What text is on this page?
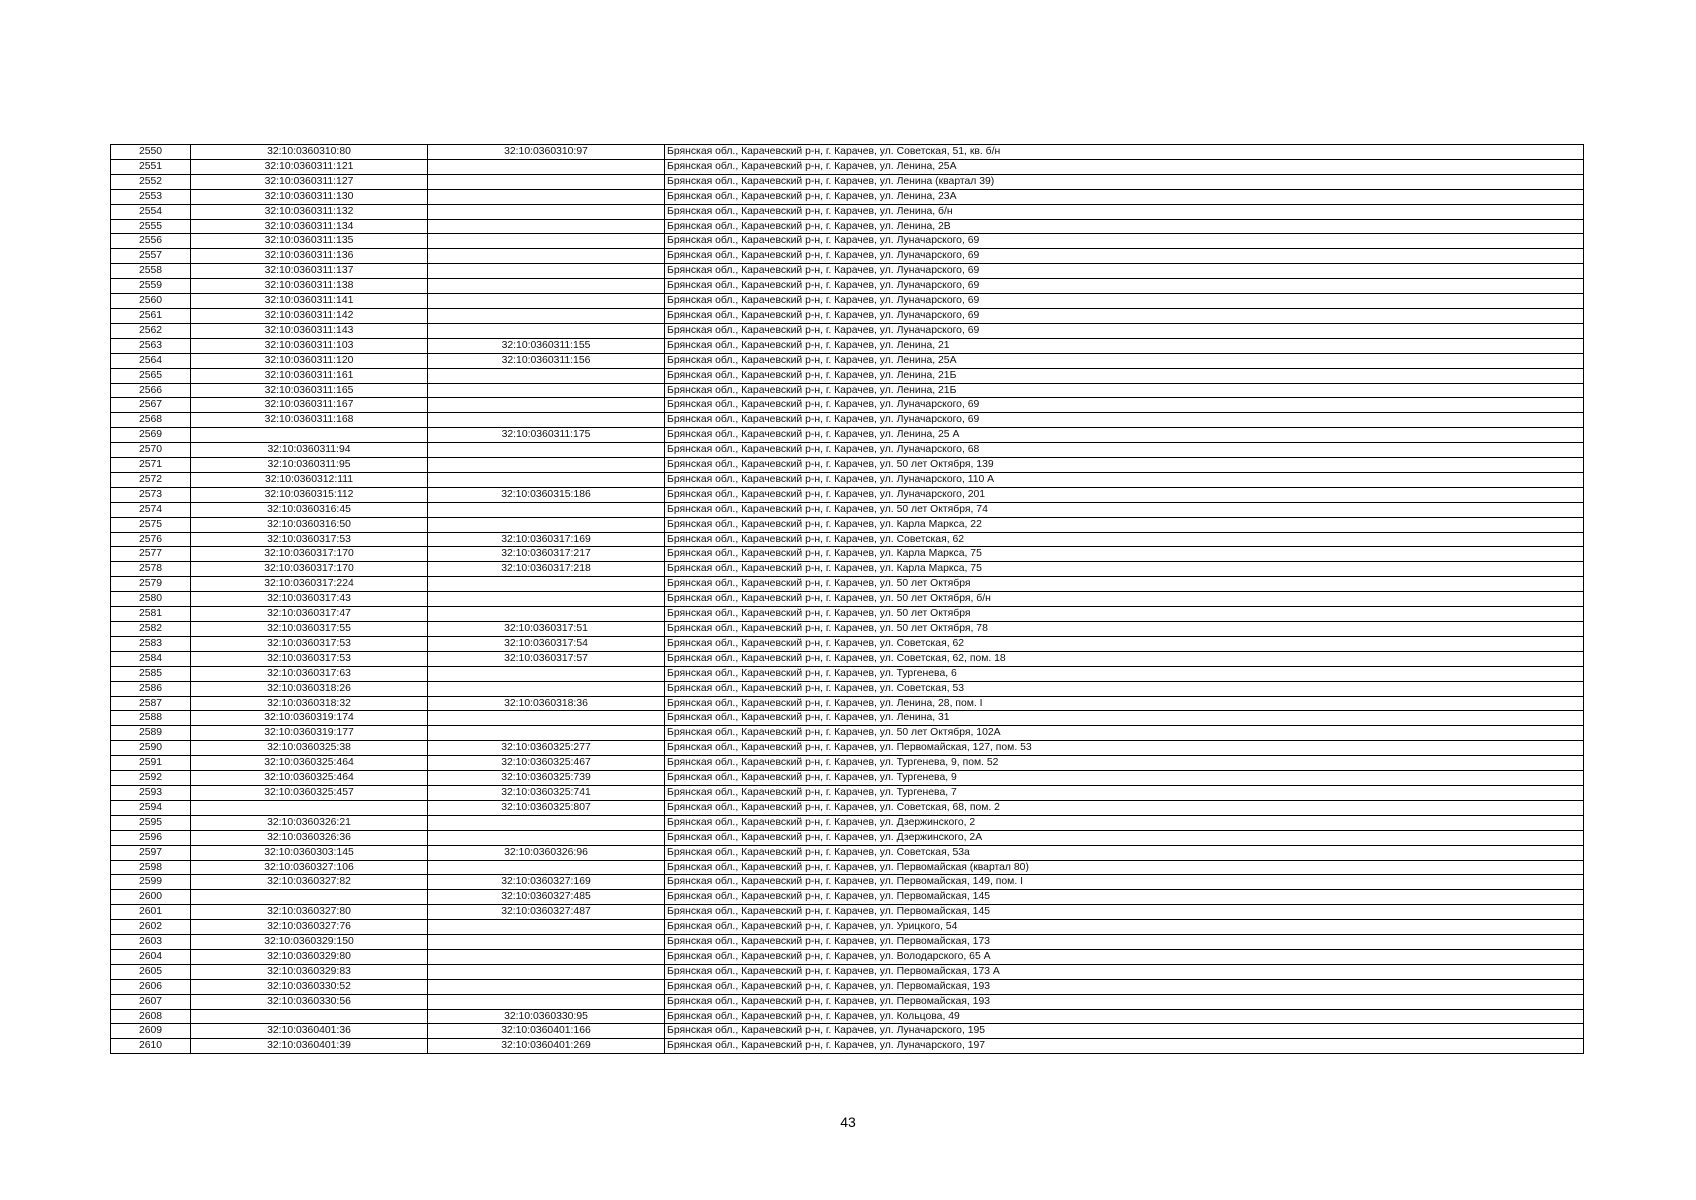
2550	32:10:0360310:80	32:10:0360310:97	Брянская обл., Карачевский р-н, г. Карачев, ул. Советская, 51, кв. б/н
2551	32:10:0360311:121		Брянская обл., Карачевский р-н, г. Карачев, ул. Ленина, 25А
2552	32:10:0360311:127		Брянская обл., Карачевский р-н, г. Карачев, ул. Ленина (квартал 39)
2553	32:10:0360311:130		Брянская обл., Карачевский р-н, г. Карачев, ул. Ленина, 23А
2554	32:10:0360311:132		Брянская обл., Карачевский р-н, г. Карачев, ул. Ленина, б/н
2555	32:10:0360311:134		Брянская обл., Карачевский р-н, г. Карачев, ул. Ленина, 2В
2556	32:10:0360311:135		Брянская обл., Карачевский р-н, г. Карачев, ул. Луначарского, 69
2557	32:10:0360311:136		Брянская обл., Карачевский р-н, г. Карачев, ул. Луначарского, 69
2558	32:10:0360311:137		Брянская обл., Карачевский р-н, г. Карачев, ул. Луначарского, 69
2559	32:10:0360311:138		Брянская обл., Карачевский р-н, г. Карачев, ул. Луначарского, 69
2560	32:10:0360311:141		Брянская обл., Карачевский р-н, г. Карачев, ул. Луначарского, 69
2561	32:10:0360311:142		Брянская обл., Карачевский р-н, г. Карачев, ул. Луначарского, 69
2562	32:10:0360311:143		Брянская обл., Карачевский р-н, г. Карачев, ул. Луначарского, 69
2563	32:10:0360311:103	32:10:0360311:155	Брянская обл., Карачевский р-н, г. Карачев, ул. Ленина, 21
2564	32:10:0360311:120	32:10:0360311:156	Брянская обл., Карачевский р-н, г. Карачев, ул. Ленина, 25А
2565	32:10:0360311:161		Брянская обл., Карачевский р-н, г. Карачев, ул. Ленина, 21Б
2566	32:10:0360311:165		Брянская обл., Карачевский р-н, г. Карачев, ул. Ленина, 21Б
2567	32:10:0360311:167		Брянская обл., Карачевский р-н, г. Карачев, ул. Луначарского, 69
2568	32:10:0360311:168		Брянская обл., Карачевский р-н, г. Карачев, ул. Луначарского, 69
2569		32:10:0360311:175	Брянская обл., Карачевский р-н, г. Карачев, ул. Ленина, 25 А
2570	32:10:0360311:94		Брянская обл., Карачевский р-н, г. Карачев, ул. Луначарского, 68
2571	32:10:0360311:95		Брянская обл., Карачевский р-н, г. Карачев, ул. 50 лет Октября, 139
2572	32:10:0360312:111		Брянская обл., Карачевский р-н, г. Карачев, ул. Луначарского, 110 А
2573	32:10:0360315:112	32:10:0360315:186	Брянская обл., Карачевский р-н, г. Карачев, ул. Луначарского, 201
2574	32:10:0360316:45		Брянская обл., Карачевский р-н, г. Карачев, ул. 50 лет Октября, 74
2575	32:10:0360316:50		Брянская обл., Карачевский р-н, г. Карачев, ул. Карла Маркса, 22
2576	32:10:0360317:53	32:10:0360317:169	Брянская обл., Карачевский р-н, г. Карачев, ул. Советская, 62
2577	32:10:0360317:170	32:10:0360317:217	Брянская обл., Карачевский р-н, г. Карачев, ул. Карла Маркса, 75
2578	32:10:0360317:170	32:10:0360317:218	Брянская обл., Карачевский р-н, г. Карачев, ул. Карла Маркса, 75
2579	32:10:0360317:224		Брянская обл., Карачевский р-н, г. Карачев, ул. 50 лет Октября
2580	32:10:0360317:43		Брянская обл., Карачевский р-н, г. Карачев, ул. 50 лет Октября, б/н
2581	32:10:0360317:47		Брянская обл., Карачевский р-н, г. Карачев, ул. 50 лет Октября
2582	32:10:0360317:55	32:10:0360317:51	Брянская обл., Карачевский р-н, г. Карачев, ул. 50 лет Октября, 78
2583	32:10:0360317:53	32:10:0360317:54	Брянская обл., Карачевский р-н, г. Карачев, ул. Советская, 62
2584	32:10:0360317:53	32:10:0360317:57	Брянская обл., Карачевский р-н, г. Карачев, ул. Советская, 62, пом. 18
2585	32:10:0360317:63		Брянская обл., Карачевский р-н, г. Карачев, ул. Тургенева, 6
2586	32:10:0360318:26		Брянская обл., Карачевский р-н, г. Карачев, ул. Советская, 53
2587	32:10:0360318:32	32:10:0360318:36	Брянская обл., Карачевский р-н, г. Карачев, ул. Ленина, 28, пом. I
2588	32:10:0360319:174		Брянская обл., Карачевский р-н, г. Карачев, ул. Ленина, 31
2589	32:10:0360319:177		Брянская обл., Карачевский р-н, г. Карачев, ул. 50 лет Октября, 102А
2590	32:10:0360325:38	32:10:0360325:277	Брянская обл., Карачевский р-н, г. Карачев, ул. Первомайская, 127, пом. 53
2591	32:10:0360325:464	32:10:0360325:467	Брянская обл., Карачевский р-н, г. Карачев, ул. Тургенева, 9, пом. 52
2592	32:10:0360325:464	32:10:0360325:739	Брянская обл., Карачевский р-н, г. Карачев, ул. Тургенева, 9
2593	32:10:0360325:457	32:10:0360325:741	Брянская обл., Карачевский р-н, г. Карачев, ул. Тургенева, 7
2594		32:10:0360325:807	Брянская обл., Карачевский р-н, г. Карачев, ул. Советская, 68, пом. 2
2595	32:10:0360326:21		Брянская обл., Карачевский р-н, г. Карачев, ул. Дзержинского, 2
2596	32:10:0360326:36		Брянская обл., Карачевский р-н, г. Карачев, ул. Дзержинского, 2А
2597	32:10:0360303:145	32:10:0360326:96	Брянская обл., Карачевский р-н, г. Карачев, ул. Советская, 53а
2598	32:10:0360327:106		Брянская обл., Карачевский р-н, г. Карачев, ул. Первомайская (квартал 80)
2599	32:10:0360327:82	32:10:0360327:169	Брянская обл., Карачевский р-н, г. Карачев, ул. Первомайская, 149, пом. I
2600		32:10:0360327:485	Брянская обл., Карачевский р-н, г. Карачев, ул. Первомайская, 145
2601	32:10:0360327:80	32:10:0360327:487	Брянская обл., Карачевский р-н, г. Карачев, ул. Первомайская, 145
2602	32:10:0360327:76		Брянская обл., Карачевский р-н, г. Карачев, ул. Урицкого, 54
2603	32:10:0360329:150		Брянская обл., Карачевский р-н, г. Карачев, ул. Первомайская, 173
2604	32:10:0360329:80		Брянская обл., Карачевский р-н, г. Карачев, ул. Володарского, 65 А
2605	32:10:0360329:83		Брянская обл., Карачевский р-н, г. Карачев, ул. Первомайская, 173 А
2606	32:10:0360330:52		Брянская обл., Карачевский р-н, г. Карачев, ул. Первомайская, 193
2607	32:10:0360330:56		Брянская обл., Карачевский р-н, г. Карачев, ул. Первомайская, 193
2608		32:10:0360330:95	Брянская обл., Карачевский р-н, г. Карачев, ул. Кольцова, 49
2609	32:10:0360401:36	32:10:0360401:166	Брянская обл., Карачевский р-н, г. Карачев, ул. Луначарского, 195
2610	32:10:0360401:39	32:10:0360401:269	Брянская обл., Карачевский р-н, г. Карачев, ул. Луначарского, 197
43
